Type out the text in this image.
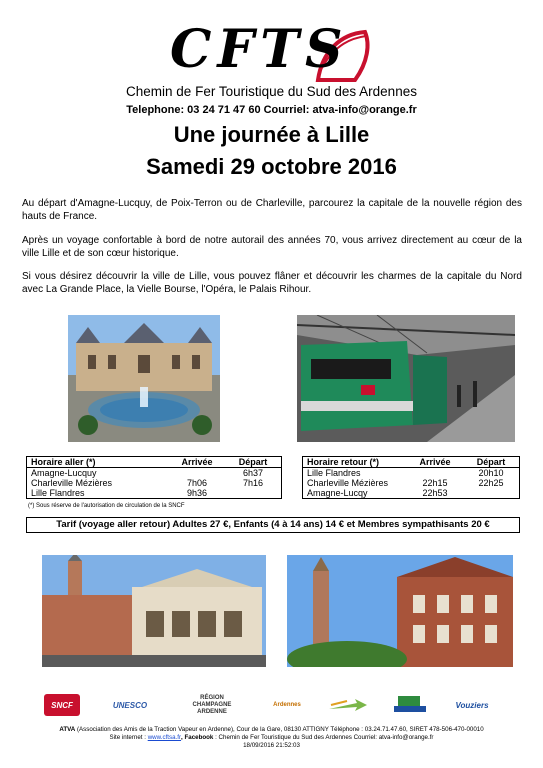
CFTS
Chemin de Fer Touristique du Sud des Ardennes
Telephone: 03 24 71 47 60 Courriel: atva-info@orange.fr
Une journée à Lille
Samedi 29 octobre 2016
Au départ d'Amagne-Lucquy, de Poix-Terron ou de Charleville, parcourez la capitale de la nouvelle région des hauts de France.
Après un voyage confortable à bord de notre autorail des années 70, vous arrivez directement au cœur de la ville Lille et de son cœur historique.
Si vous désirez découvrir la ville de Lille, vous pouvez flâner et découvrir les charmes de la capitale du Nord avec La Grande Place, la Vielle Bourse, l'Opéra, le Palais Rihour.
Horaire aller (*)	Arrivée	Départ
Amagne-Lucquy		6h37
Charleville Mézières	7h06	7h16
Lille Flandres	9h36	
Horaire retour (*)	Arrivée	Départ
Lille Flandres		20h10
Charleville Mézières	22h15	22h25
Amagne-Lucqy	22h53	
(*) Sous réserve de l'autorisation de circulation de la SNCF
Tarif (voyage aller retour) Adultes 27 €, Enfants (4 à 14 ans) 14 € et Membres sympathisants 20 €
SNCF	UNESCO
RÉGION
CHAMPAGNE
ARDENNE
Ardennes	Vouziers
ATVA (Association des Amis de la Traction Vapeur en Ardenne), Cour de la Gare, 08130 ATTIGNY Téléphone : 03.24.71.47.60, SIRET 478-506-470-00010
Site internet : www.cftsa.fr, Facebook : Chemin de Fer Touristique du Sud des Ardennes Courriel: atva-info@orange.fr
18/09/2016 21:52:03
